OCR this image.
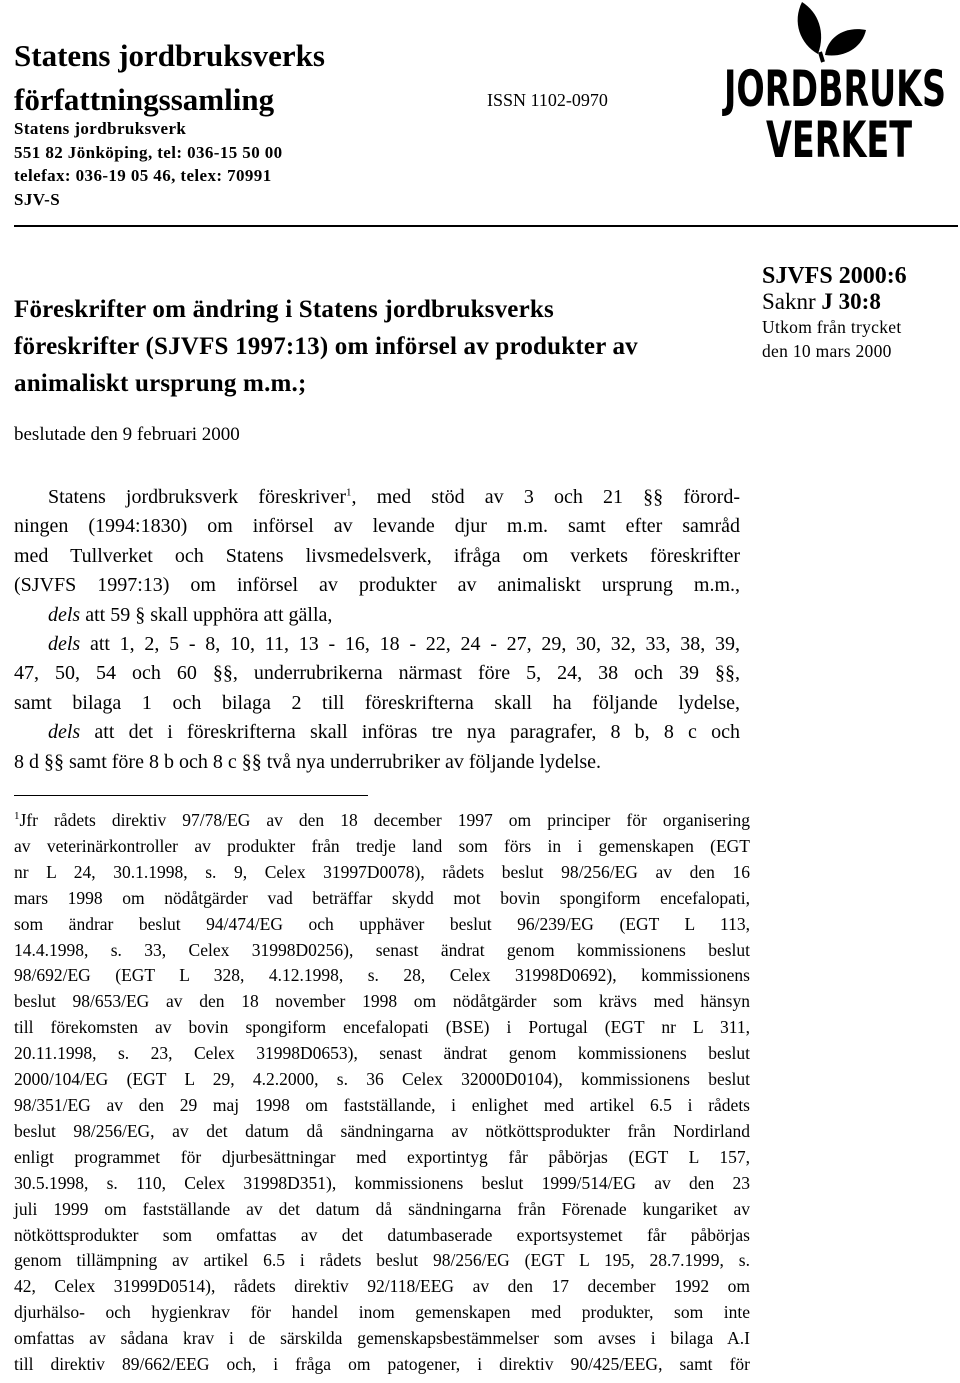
Statens jordbruksverks
författningssamling
Statens jordbruksverk
551 82 Jönköping, tel: 036-15 50 00
telefax: 036-19 05 46, telex: 70991
SJV-S
ISSN 1102-0970 JORDBRUKS
VERKET
Föreskrifter om ändring i Statens jordbruksverks
föreskrifter (SJVFS 1997:13) om införsel av produkter av
animaliskt ursprung m.m.;
SJVFS 2000:6
Saknr J 30:8
Utkom från trycket
den 10 mars 2000
beslutade den 9 februari 2000

Statens jordbruksverk föreskriver$^1$, med stöd av 3 och 21 §§ förord-

ningen (1994:1830) om införsel av levande djur m.m. samt efter samråd

med Tullverket och Statens livsmedelsverk, ifråga om verkets föreskrifter

(SJVFS 1997:13) om införsel av produkter av animaliskt ursprung m.m.,

dels att 59 § skall upphöra att gälla,

dels att 1, 2, 5 - 8, 10, 11, 13 - 16, 18 - 22, 24 - 27, 29, 30, 32, 33, 38, 39,

47, 50, 54 och 60 §§, underrubrikerna närmast före 5, 24, 38 och 39 §§,

samt bilaga 1 och bilaga 2 till föreskrifterna skall ha följande lydelse,

dels att det i föreskrifterna skall införas tre nya paragrafer, 8 b, 8 c och

8 d §§ samt före 8 b och 8 c §§ två nya underrubriker av följande lydelse.

$^1$Jfr rådets direktiv 97/78/EG av den 18 december 1997 om principer för organisering

av veterinärkontroller av produkter från tredje land som förs in i gemenskapen (EGT

nr L 24, 30.1.1998, s. 9, Celex 31997D0078), rådets beslut 98/256/EG av den 16

mars 1998 om nödåtgärder vad beträffar skydd mot bovin spongiform encefalopati,

som ändrar beslut 94/474/EG och upphäver beslut 96/239/EG (EGT L 113,

14.4.1998, s. 33, Celex 31998D0256), senast ändrat genom kommissionens beslut

98/692/EG (EGT L 328, 4.12.1998, s. 28, Celex 31998D0692), kommissionens

beslut 98/653/EG av den 18 november 1998 om nödåtgärder som krävs med hänsyn

till förekomsten av bovin spongiform encefalopati (BSE) i Portugal (EGT nr L 311,

20.11.1998, s. 23, Celex 31998D0653), senast ändrat genom kommissionens beslut

2000/104/EG (EGT L 29, 4.2.2000, s. 36 Celex 32000D0104), kommissionens beslut

98/351/EG av den 29 maj 1998 om fastställande, i enlighet med artikel 6.5 i rådets

beslut 98/256/EG, av det datum då sändningarna av nötköttsprodukter från Nordirland

enligt programmet för djurbesättningar med exportintyg får påbörjas (EGT L 157,

30.5.1998, s. 110, Celex 31998D351), kommissionens beslut 1999/514/EG av den 23

juli 1999 om fastställande av det datum då sändningarna från Förenade kungariket av

nötköttsprodukter som omfattas av det datumbaserade exportsystemet får påbörjas

genom tillämpning av artikel 6.5 i rådets beslut 98/256/EG (EGT L 195, 28.7.1999, s.

42, Celex 31999D0514), rådets direktiv 92/118/EEG av den 17 december 1992 om

djurhälso- och hygienkrav för handel inom gemenskapen med produkter, som inte

omfattas av sådana krav i de särskilda gemenskapsbestämmelser som avses i bilaga A.I

till direktiv 89/662/EEG och, i fråga om patogener, i direktiv 90/425/EEG, samt för
